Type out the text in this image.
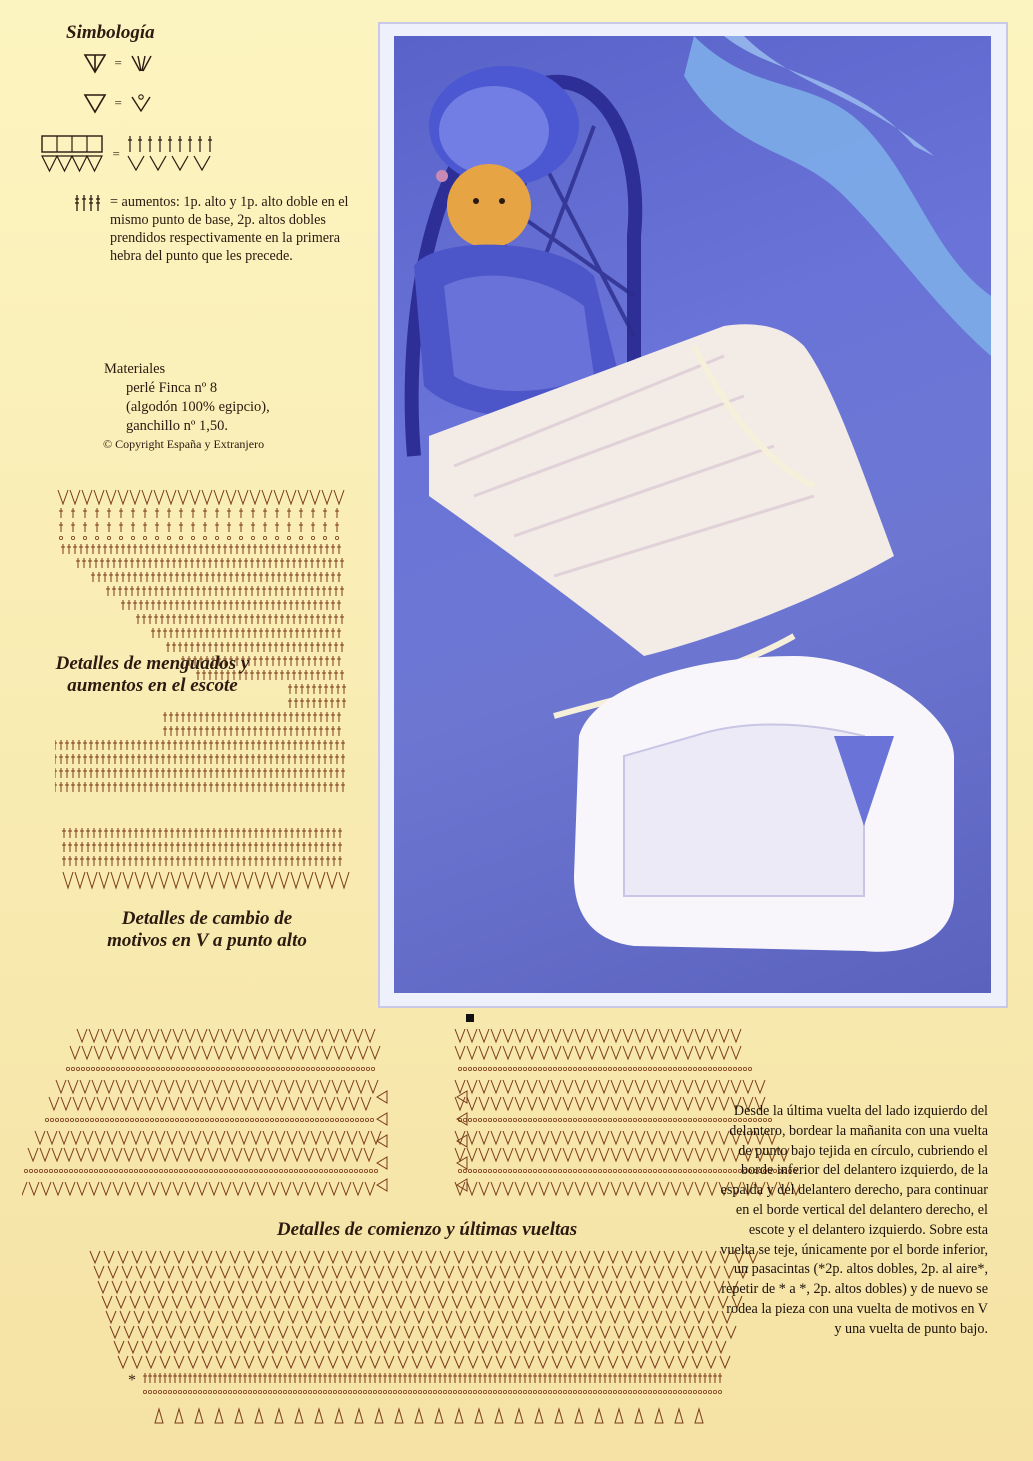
Simbología
=
=
=
= aumentos: 1p. alto y 1p. alto doble en el mismo punto de base, 2p. altos dobles prendidos respectivamente en la primera hebra del punto que les precede.
Materiales
perlé Finca nº 8
(algodón 100% egipcio),
ganchillo nº 1,50.
© Copyright España y Extranjero
Detalles de menguados y
aumentos en el escote
Detalles de cambio de
motivos en V a punto alto
Detalles de comienzo y últimas vueltas
*
Desde la última vuelta del lado izquierdo del delantero, bordear la mañanita con una vuelta de punto bajo tejida en círculo, cubriendo el borde inferior del delantero izquierdo, de la espalda y del delantero derecho, para continuar en el borde vertical del delantero derecho, el escote y el delantero izquierdo. Sobre esta vuelta se teje, únicamente por el borde inferior, un pasacintas (*2p. altos dobles, 2p. al aire*, repetir de * a *, 2p. altos dobles) y de nuevo se rodea la pieza con una vuelta de motivos en V y una vuelta de punto bajo.
